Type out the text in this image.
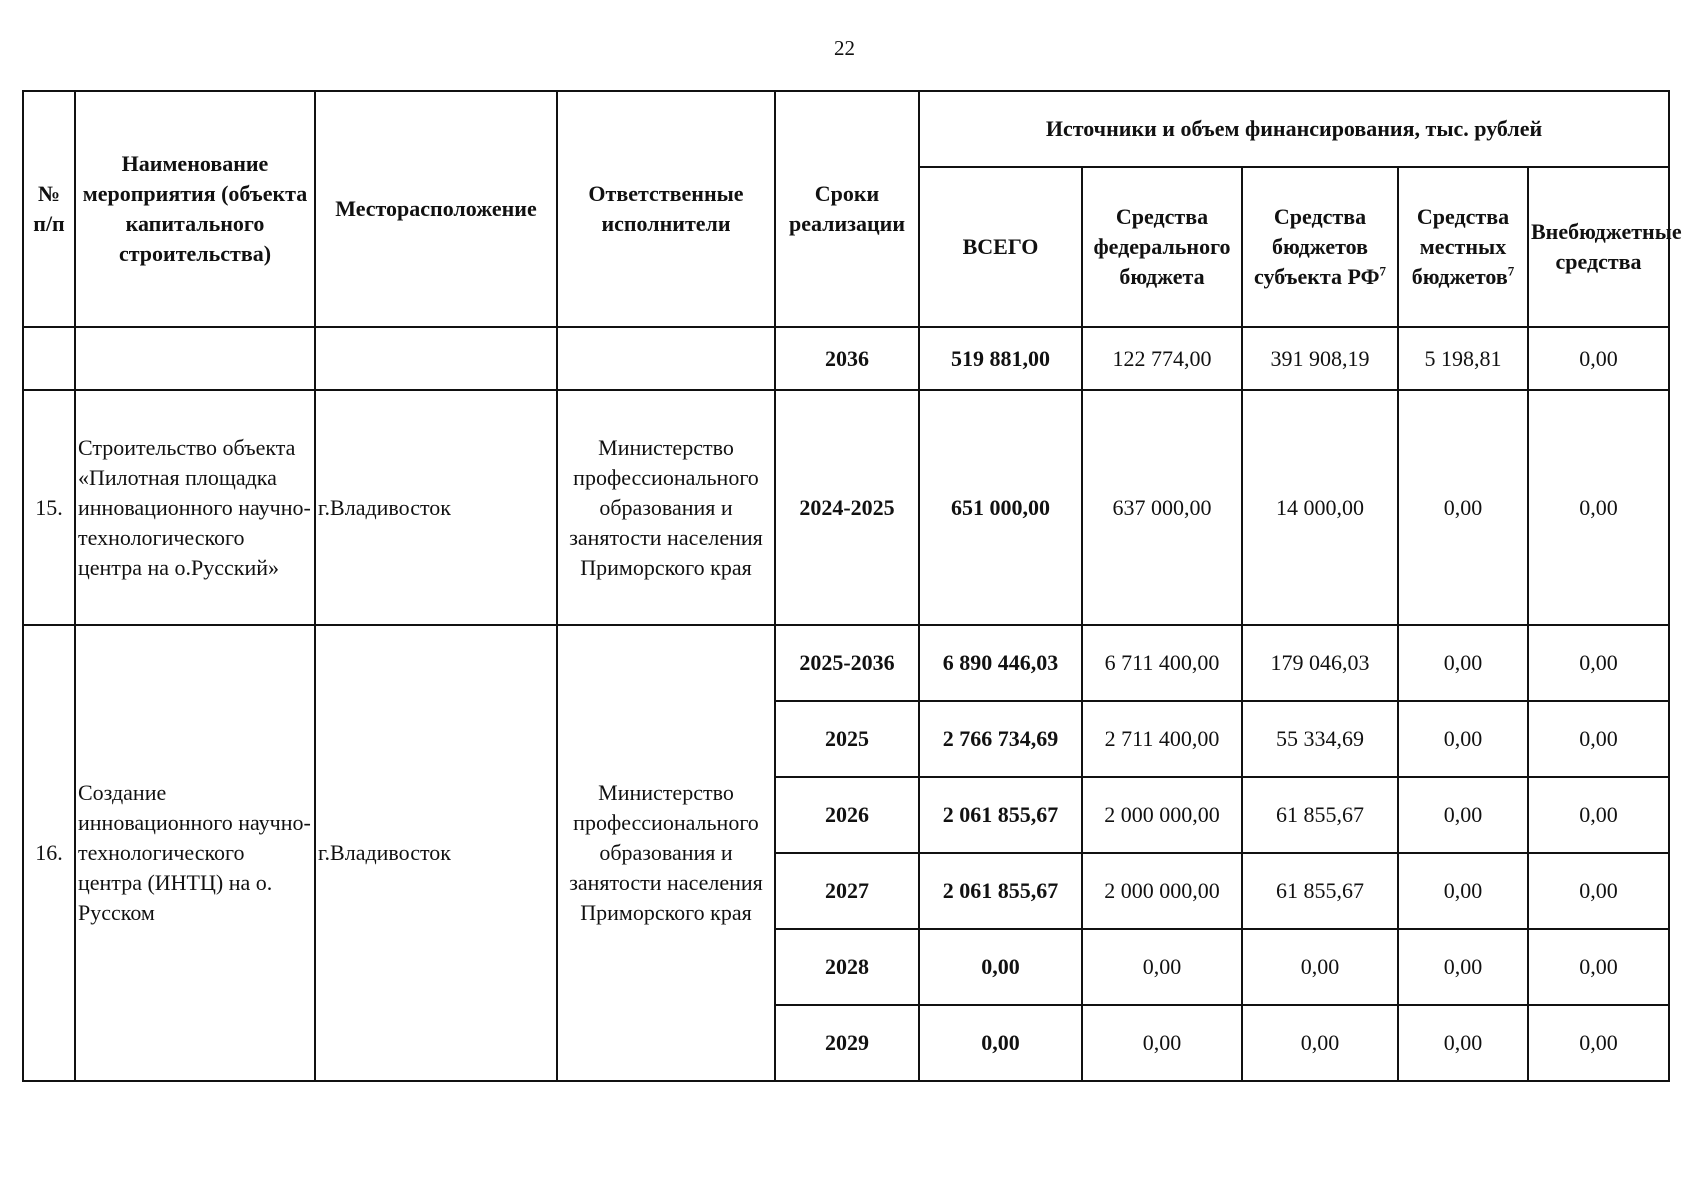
22
№ п/п	Наименование мероприятия (объекта капитального строительства)	Месторасположение	Ответственные исполнители	Сроки реализации	Источники и объем финансирования, тыс. рублей				
					ВСЕГО	Средства федерального бюджета	Средства бюджетов субъекта $РФ^7$	Средства местных бюджетов$^7$	Внебюджетные средства
				2036	519 881,00	122 774,00	391 908,19	5 198,81	0,00
15.	Строительство объекта «Пилотная площадка инновационного научно-технологического центра на о.Русский»	г.Владивосток	Министерство профессионального образования и занятости населения Приморского края	2024-2025	651 000,00	637 000,00	14 000,00	0,00	0,00
16.	Создание инновационного научно-технологического центра (ИНТЦ) на о. Русском	г.Владивосток	Министерство профессионального образования и занятости населения Приморского края	2025-2036	6 890 446,03	6 711 400,00	179 046,03	0,00	0,00
				2025	2 766 734,69	2 711 400,00	55 334,69	0,00	0,00
				2026	2 061 855,67	2 000 000,00	61 855,67	0,00	0,00
				2027	2 061 855,67	2 000 000,00	61 855,67	0,00	0,00
				2028	0,00	0,00	0,00	0,00	0,00
				2029	0,00	0,00	0,00	0,00	0,00
